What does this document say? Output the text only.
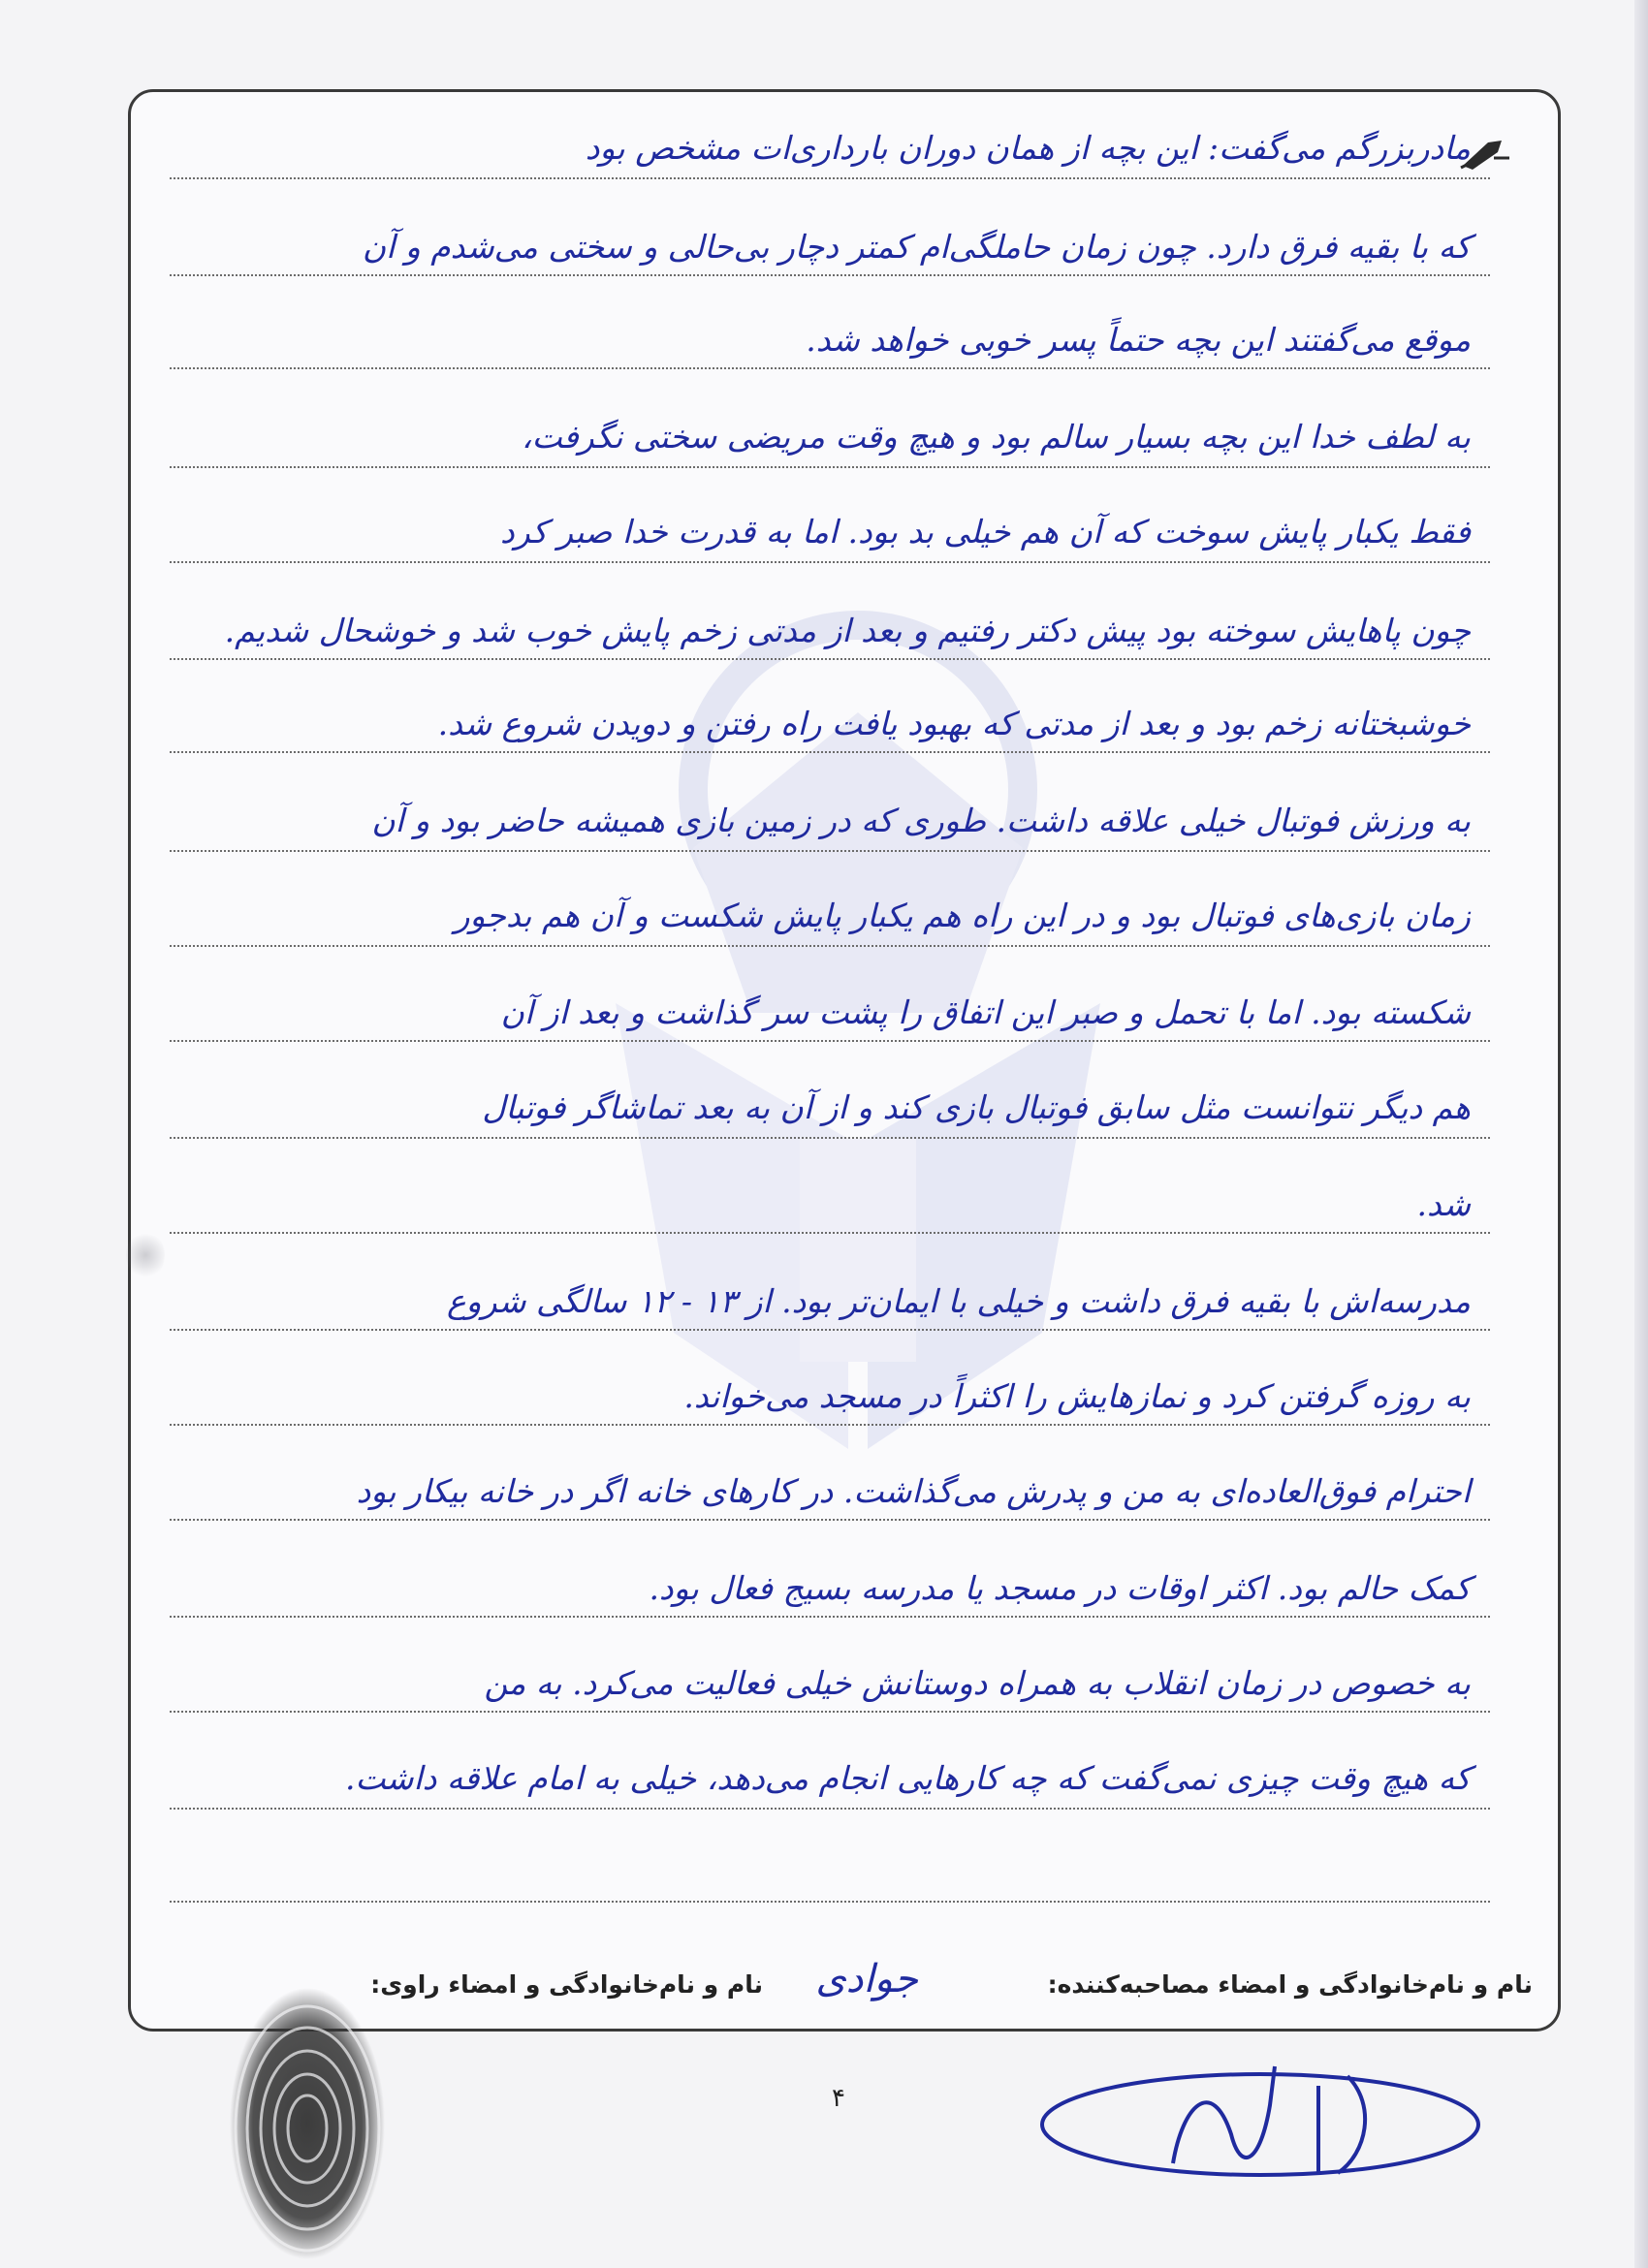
مادربزرگم می‌گفت: این بچه از همان دوران بارداری‌ات مشخص بود
که با بقیه فرق دارد. چون زمان حاملگی‌ام کمتر دچار بی‌حالی و سختی می‌شدم و آن
موقع می‌گفتند این بچه حتماً پسر خوبی خواهد شد.
به لطف خدا این بچه بسیار سالم بود و هیچ وقت مریضی سختی نگرفت،
فقط یکبار پایش سوخت که آن هم خیلی بد بود. اما به قدرت خدا صبر کرد
چون پاهایش سوخته بود پیش دکتر رفتیم و بعد از مدتی زخم پایش خوب شد و خوشحال شدیم.
خوشبختانه زخم بود و بعد از مدتی که بهبود یافت راه رفتن و دویدن شروع شد.
به ورزش فوتبال خیلی علاقه داشت. طوری که در زمین بازی همیشه حاضر بود و آن
زمان بازی‌های فوتبال بود و در این راه هم یکبار پایش شکست و آن هم بدجور
شکسته بود. اما با تحمل و صبر این اتفاق را پشت سر گذاشت و بعد از آن
هم دیگر نتوانست مثل سابق فوتبال بازی کند و از آن به بعد تماشاگر فوتبال
شد.
مدرسه‌اش با بقیه فرق داشت و خیلی با ایمان‌تر بود. از ۱۳ - ۱۲ سالگی شروع
به روزه گرفتن کرد و نمازهایش را اکثراً در مسجد می‌خواند.
احترام فوق‌العاده‌ای به من و پدرش می‌گذاشت. در کارهای خانه اگر در خانه بیکار بود
کمک حالم بود. اکثر اوقات در مسجد یا مدرسه بسیج فعال بود.
به خصوص در زمان انقلاب به همراه دوستانش خیلی فعالیت می‌کرد. به من
که هیچ وقت چیزی نمی‌گفت که چه کارهایی انجام می‌دهد، خیلی به امام علاقه داشت.
نام و نام‌خانوادگی و امضاء مصاحبه‌کننده:
جوادی
نام و نام‌خانوادگی و امضاء راوی:
۴
